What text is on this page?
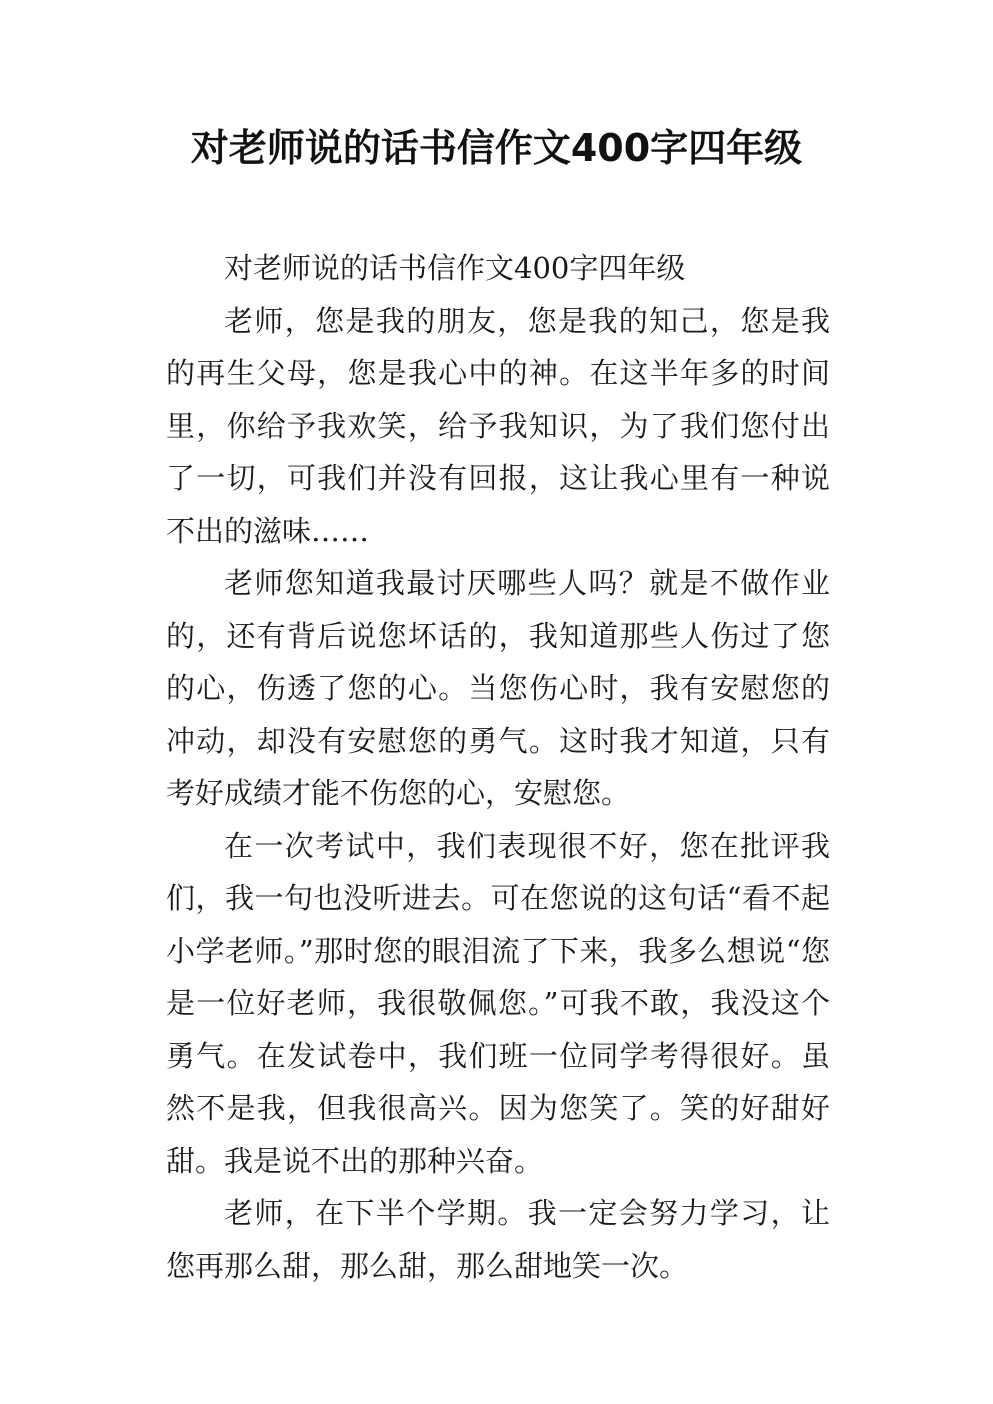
对老师说的话书信作文400字四年级

对老师说的话书信作文400字四年级

老师，您是我的朋友，您是我的知己，您是我的再生父母，您是我心中的神。在这半年多的时间里，你给予我欢笑，给予我知识，为了我们您付出了一切，可我们并没有回报，这让我心里有一种说不出的滋味……

老师您知道我最讨厌哪些人吗？就是不做作业的，还有背后说您坏话的，我知道那些人伤过了您的心，伤透了您的心。当您伤心时，我有安慰您的冲动，却没有安慰您的勇气。这时我才知道，只有考好成绩才能不伤您的心，安慰您。

在一次考试中，我们表现很不好，您在批评我们，我一句也没听进去。可在您说的这句话“看不起小学老师。”那时您的眼泪流了下来，我多么想说“您是一位好老师，我很敬佩您。”可我不敢，我没这个勇气。在发试卷中，我们班一位同学考得很好。虽然不是我，但我很高兴。因为您笑了。笑的好甜好甜。我是说不出的那种兴奋。

老师，在下半个学期。我一定会努力学习，让您再那么甜，那么甜，那么甜地笑一次。
